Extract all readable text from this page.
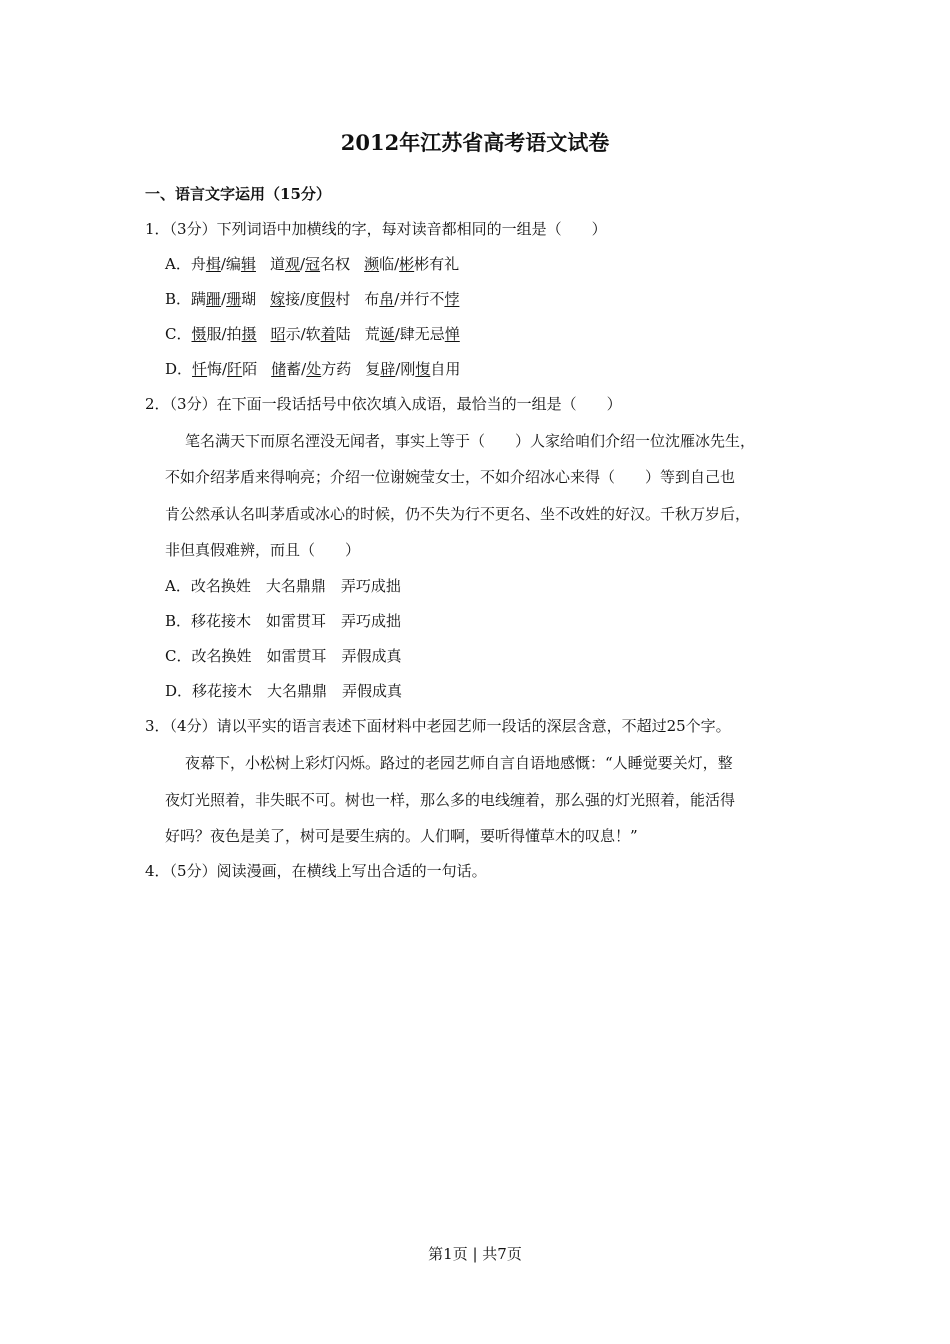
2012年江苏省高考语文试卷
一、语言文字运用（15分）
1．（3分）下列词语中加横线的字，每对读音都相同的一组是（　　）
A．舟楫/编辑 道观/冠名权 濒临/彬彬有礼
B．蹒跚/珊瑚 嫁接/度假村 布帛/并行不悖
C．慑服/拍摄 昭示/软着陆 荒诞/肆无忌惮
D．忏悔/阡陌 储蓄/处方药 复辟/刚愎自用
2．（3分）在下面一段话括号中依次填入成语，最恰当的一组是（　　）
笔名满天下而原名湮没无闻者，事实上等于（　　）人家给咱们介绍一位沈雁冰先生，
不如介绍茅盾来得响亮；介绍一位谢婉莹女士，不如介绍冰心来得（　　）等到自己也
肯公然承认名叫茅盾或冰心的时候，仍不失为行不更名、坐不改姓的好汉。千秋万岁后，
非但真假难辨，而且（　　）
A．改名换姓　大名鼎鼎　弄巧成拙
B．移花接木　如雷贯耳　弄巧成拙
C．改名换姓　如雷贯耳　弄假成真
D．移花接木　大名鼎鼎　弄假成真
3．（4分）请以平实的语言表述下面材料中老园艺师一段话的深层含意，不超过25个字。
夜幕下，小松树上彩灯闪烁。路过的老园艺师自言自语地感慨：“人睡觉要关灯，整
夜灯光照着，非失眠不可。树也一样，那么多的电线缠着，那么强的灯光照着，能活得
好吗？夜色是美了，树可是要生病的。人们啊，要听得懂草木的叹息！”
4．（5分）阅读漫画，在横线上写出合适的一句话。
第1页 | 共7页
